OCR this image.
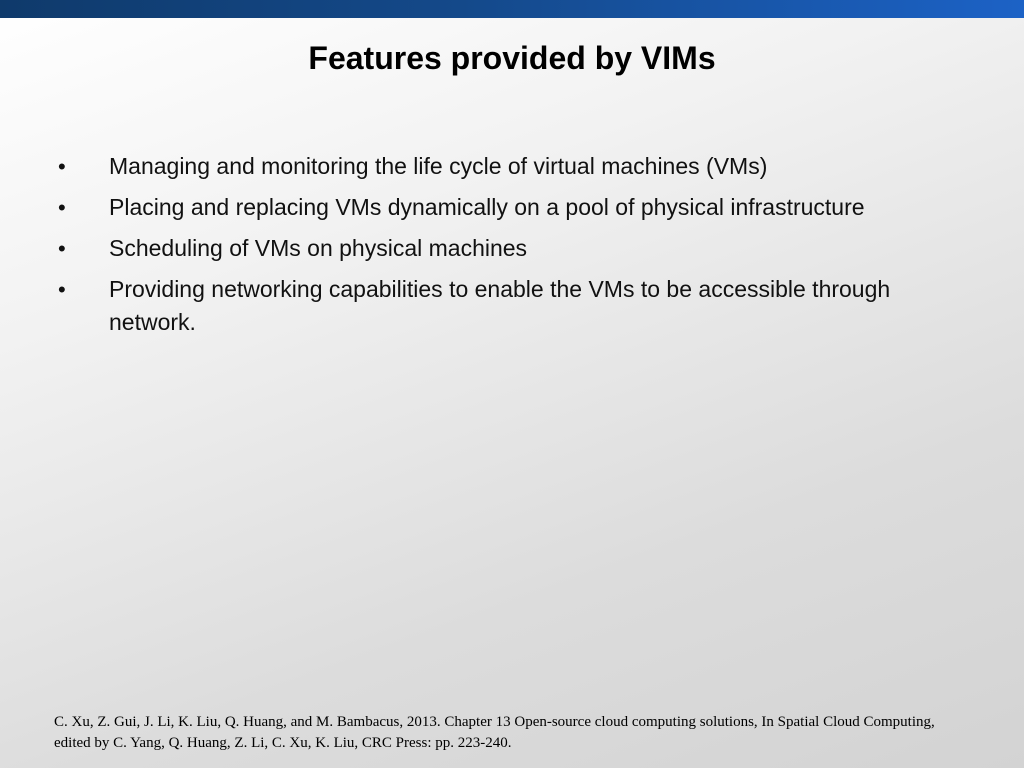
Features provided by VIMs
• Managing and monitoring the life cycle of virtual machines (VMs)
• Placing and replacing VMs dynamically on a pool of physical infrastructure
• Scheduling of VMs on physical machines
• Providing networking capabilities to enable the VMs to be accessible through network.
C. Xu, Z. Gui, J. Li, K. Liu, Q. Huang, and M. Bambacus, 2013. Chapter 13 Open-source cloud computing solutions, In Spatial Cloud Computing, edited by C. Yang, Q. Huang, Z. Li, C. Xu, K. Liu, CRC Press: pp. 223-240.
